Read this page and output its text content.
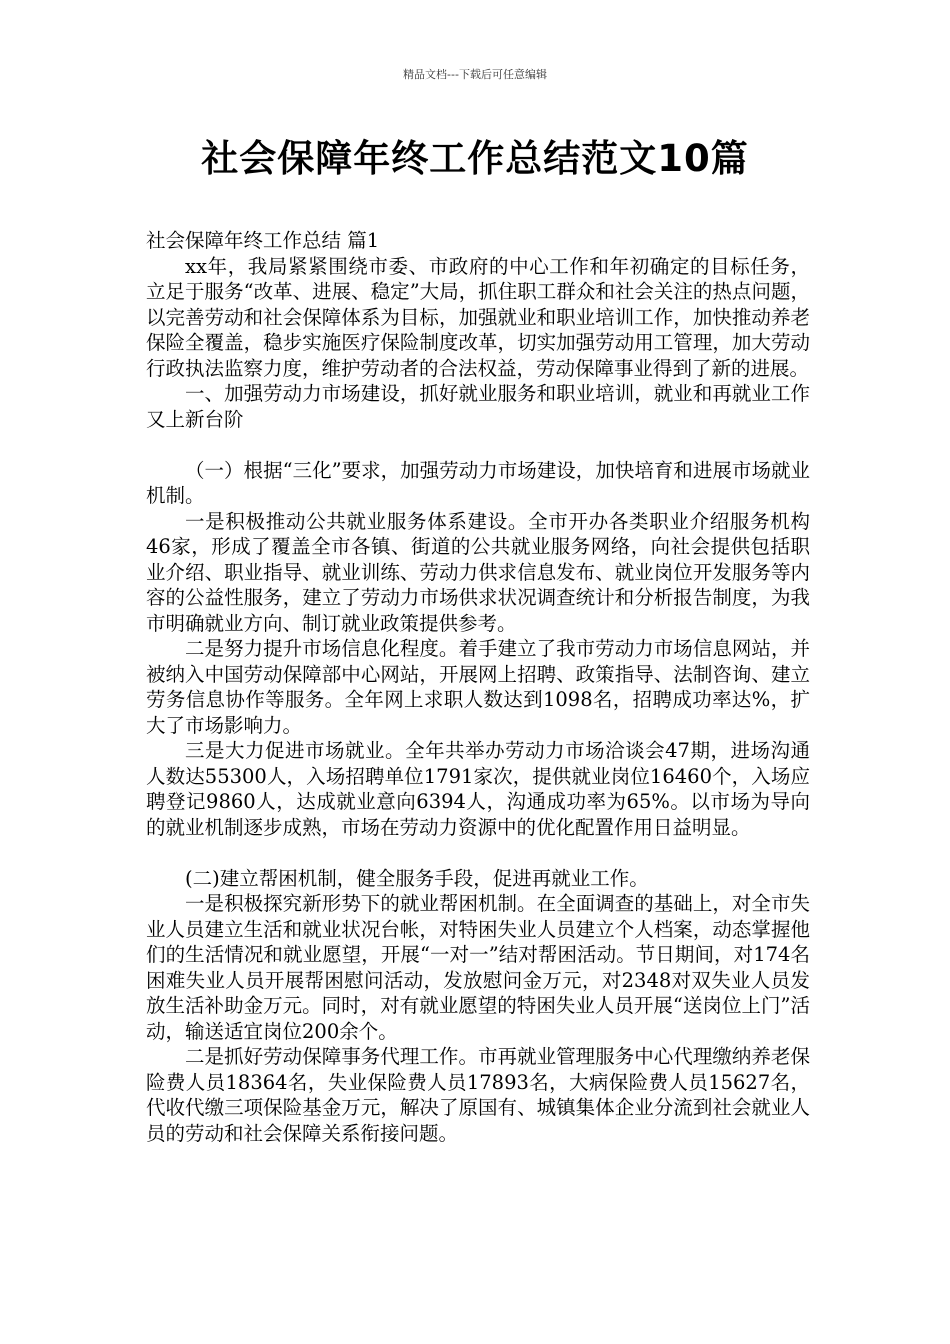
精品文档---下载后可任意编辑
社会保障年终工作总结范文10篇

社会保障年终工作总结 篇1

xx年，我局紧紧围绕市委、市政府的中心工作和年初确定的目标任务，立足于服务“改革、进展、稳定”大局，抓住职工群众和社会关注的热点问题，以完善劳动和社会保障体系为目标，加强就业和职业培训工作，加快推动养老保险全覆盖，稳步实施医疗保险制度改革，切实加强劳动用工管理，加大劳动行政执法监察力度，维护劳动者的合法权益，劳动保障事业得到了新的进展。

一、加强劳动力市场建设，抓好就业服务和职业培训，就业和再就业工作又上新台阶

（一）根据“三化”要求，加强劳动力市场建设，加快培育和进展市场就业机制。

一是积极推动公共就业服务体系建设。全市开办各类职业介绍服务机构46家，形成了覆盖全市各镇、街道的公共就业服务网络，向社会提供包括职业介绍、职业指导、就业训练、劳动力供求信息发布、就业岗位开发服务等内容的公益性服务，建立了劳动力市场供求状况调查统计和分析报告制度，为我市明确就业方向、制订就业政策提供参考。

二是努力提升市场信息化程度。着手建立了我市劳动力市场信息网站，并被纳入中国劳动保障部中心网站，开展网上招聘、政策指导、法制咨询、建立劳务信息协作等服务。全年网上求职人数达到1098名，招聘成功率达%，扩大了市场影响力。

三是大力促进市场就业。全年共举办劳动力市场洽谈会47期，进场沟通人数达55300人，入场招聘单位1791家次，提供就业岗位16460个，入场应聘登记9860人，达成就业意向6394人，沟通成功率为65%。以市场为导向的就业机制逐步成熟，市场在劳动力资源中的优化配置作用日益明显。

(二)建立帮困机制，健全服务手段，促进再就业工作。

一是积极探究新形势下的就业帮困机制。在全面调查的基础上，对全市失业人员建立生活和就业状况台帐，对特困失业人员建立个人档案，动态掌握他们的生活情况和就业愿望，开展“一对一”结对帮困活动。节日期间，对174名困难失业人员开展帮困慰问活动，发放慰问金万元，对2348对双失业人员发放生活补助金万元。同时，对有就业愿望的特困失业人员开展“送岗位上门”活动，输送适宜岗位200余个。

二是抓好劳动保障事务代理工作。市再就业管理服务中心代理缴纳养老保险费人员18364名，失业保险费人员17893名，大病保险费人员15627名，代收代缴三项保险基金万元，解决了原国有、城镇集体企业分流到社会就业人员的劳动和社会保障关系衔接问题。
